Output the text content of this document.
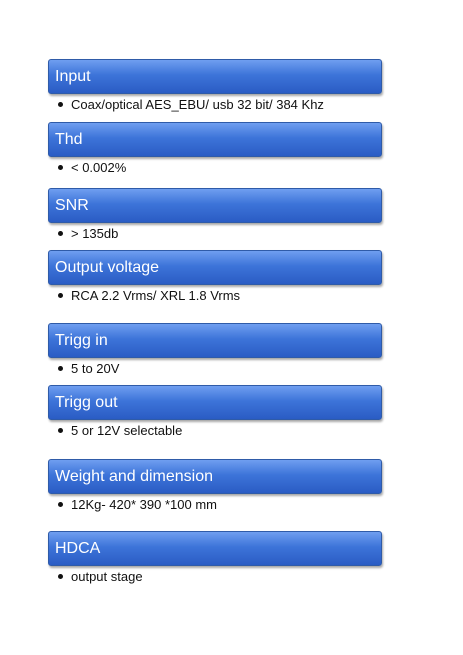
Input
Coax/optical AES_EBU/ usb 32 bit/ 384 Khz
Thd
< 0.002%
SNR
> 135db
Output voltage
RCA 2.2 Vrms/ XRL 1.8 Vrms
Trigg in
5 to 20V
Trigg out
5 or 12V selectable
Weight and dimension
12Kg- 420* 390 *100 mm
HDCA
output stage
